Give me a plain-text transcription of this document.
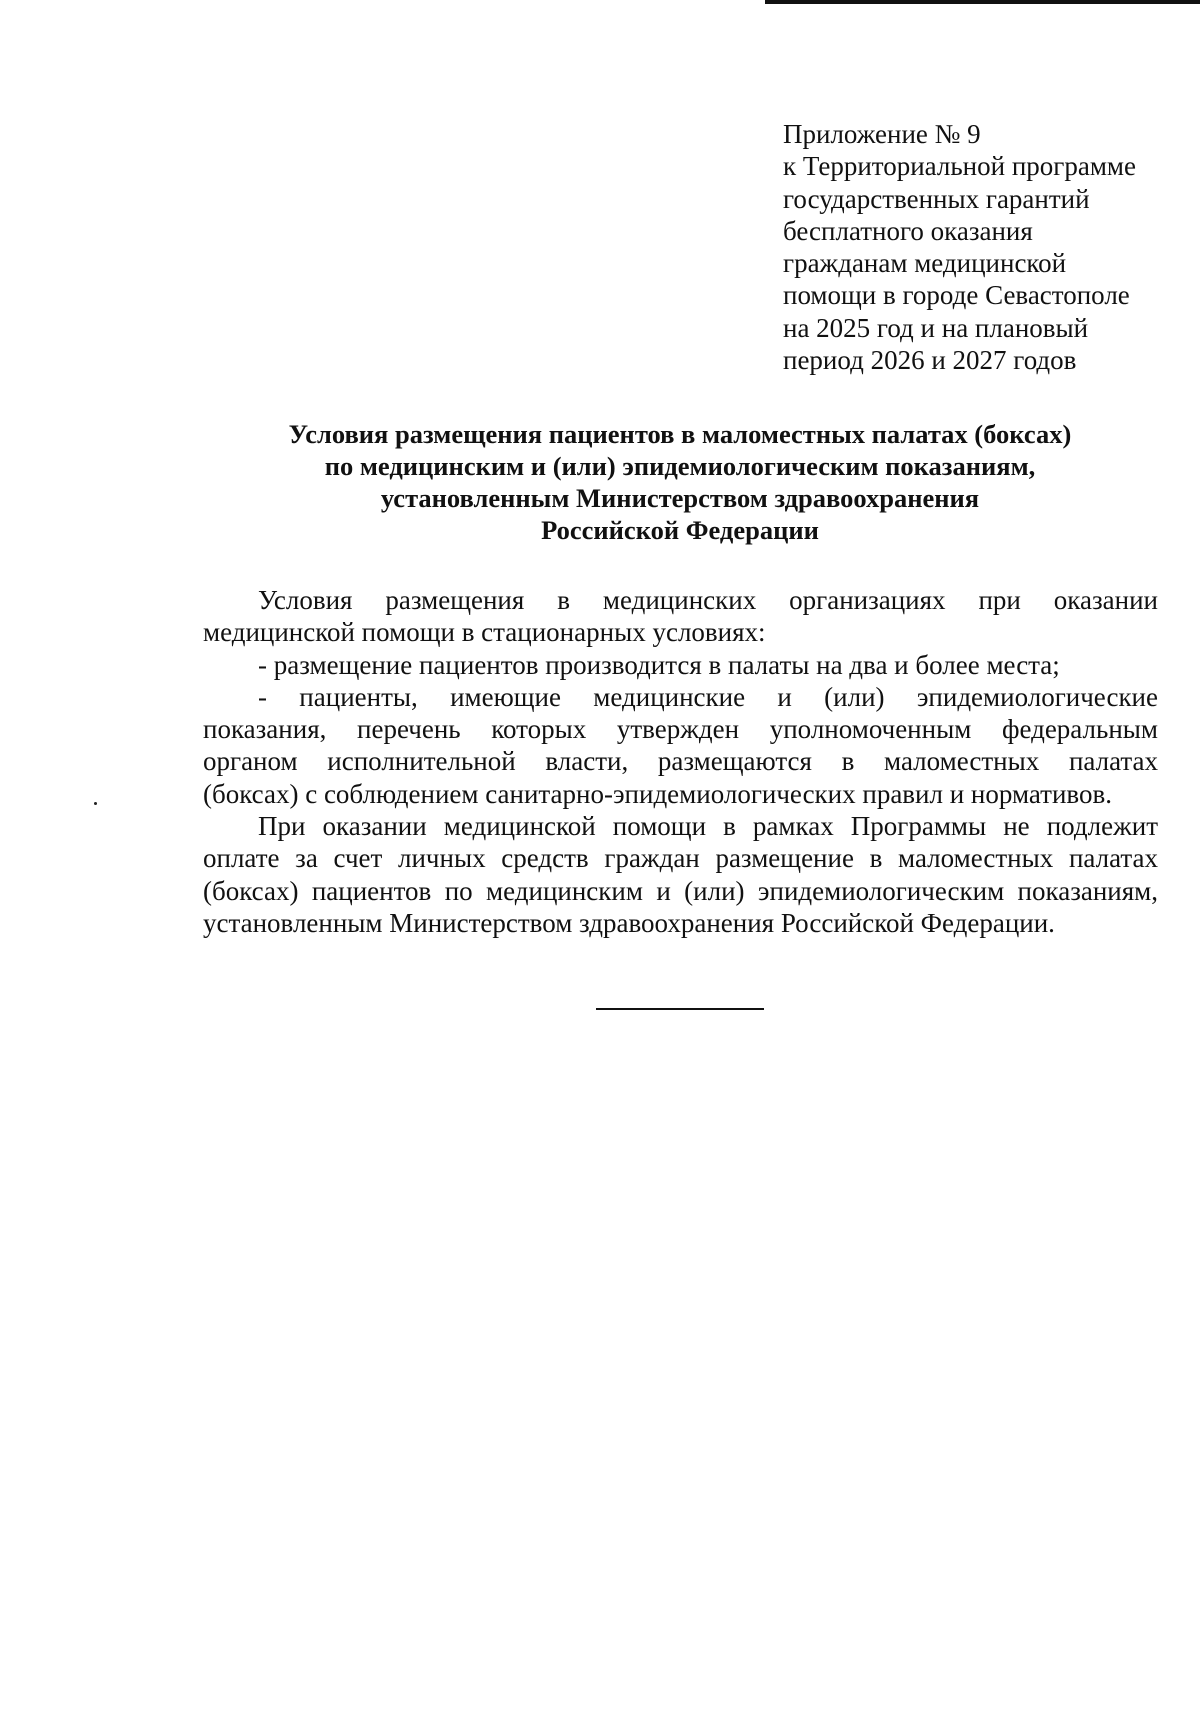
Приложение № 9
к Территориальной программе
государственных гарантий
бесплатного оказания
гражданам медицинской
помощи в городе Севастополе
на 2025 год и на плановый
период 2026 и 2027 годов
Условия размещения пациентов в маломестных палатах (боксах)
по медицинским и (или) эпидемиологическим показаниям,
установленным Министерством здравоохранения
Российской Федерации
Условия размещения в медицинских организациях при оказании
медицинской помощи в стационарных условиях:
- размещение пациентов производится в палаты на два и более места;
- пациенты, имеющие медицинские и (или) эпидемиологические
показания, перечень которых утвержден уполномоченным федеральным
органом исполнительной власти, размещаются в маломестных палатах
(боксах) с соблюдением санитарно-эпидемиологических правил и нормативов.
При оказании медицинской помощи в рамках Программы не подлежит
оплате за счет личных средств граждан размещение в маломестных палатах
(боксах) пациентов по медицинским и (или) эпидемиологическим показаниям,
установленным Министерством здравоохранения Российской Федерации.
